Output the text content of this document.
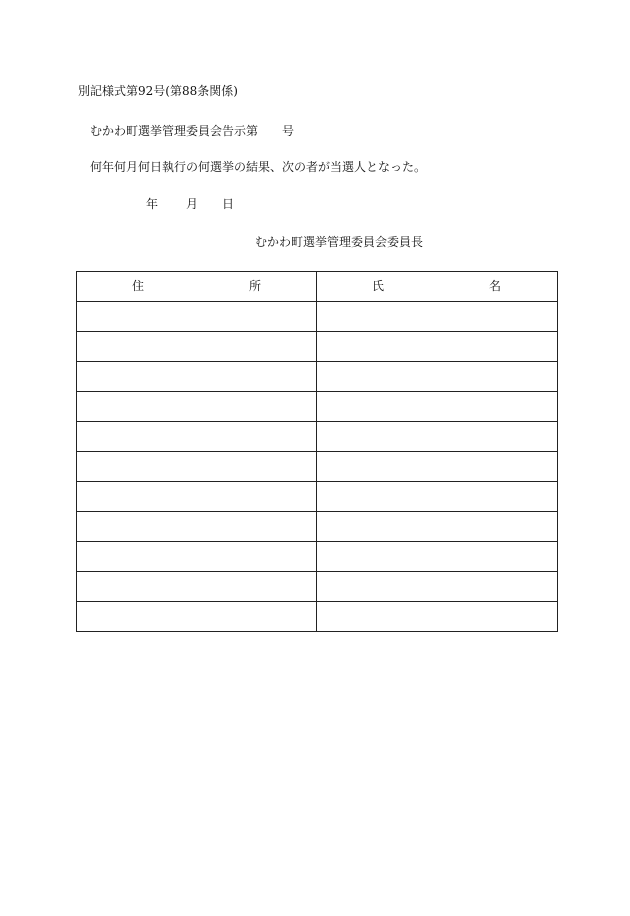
別記様式第92号(第88条関係)
むかわ町選挙管理委員会告示第　　号
何年何月何日執行の何選挙の結果、次の者が当選人となった。
年 月 日
むかわ町選挙管理委員会委員長
住 所	氏 名
